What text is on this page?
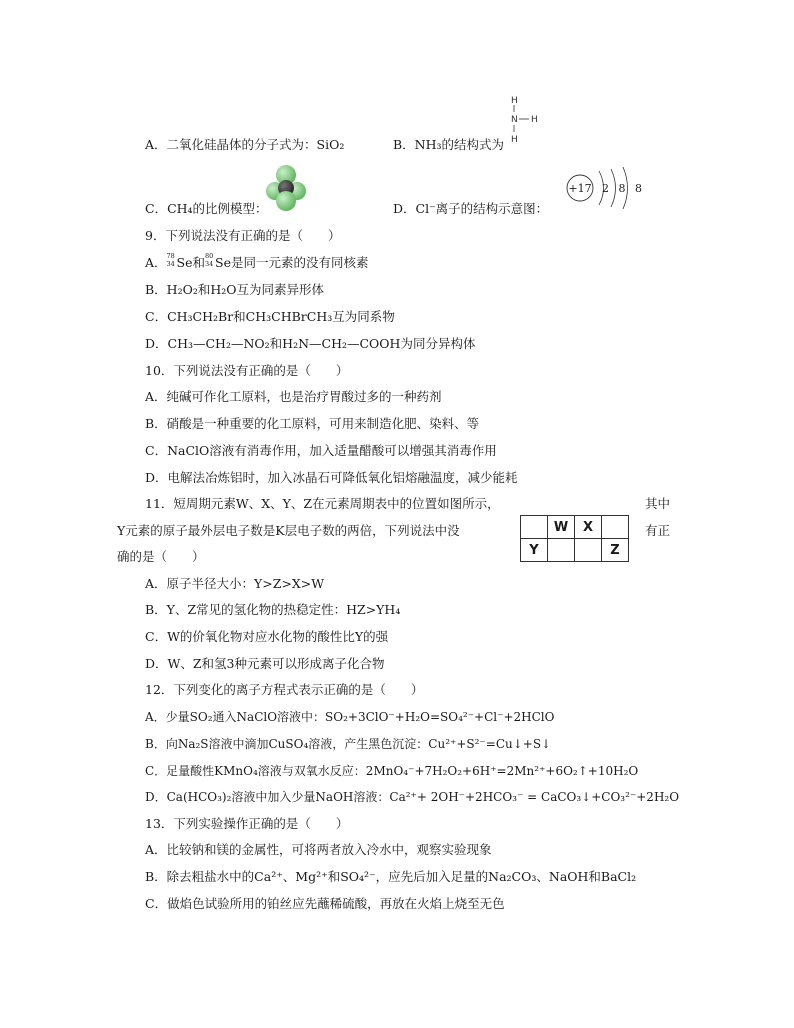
A．二氧化硅晶体的分子式为：SiO₂	B．NH₃的结构式为
H
N H
H
C．CH₄的比例模型：	D．Cl⁻离子的结构示意图：
+17 2 8 8
9．下列说法没有正确的是（　　）
A． 78
34 Se和 80
34 Se是同一元素的没有同核素
B．H₂O₂和H₂O互为同素异形体
C．CH₃CH₂Br和CH₃CHBrCH₃互为同系物
D．CH₃—CH₂—NO₂和H₂N—CH₂—COOH为同分异构体
10．下列说法没有正确的是（　　）
A．纯碱可作化工原料，也是治疗胃酸过多的一种药剂
B．硝酸是一种重要的化工原料，可用来制造化肥、染料、等
C．NaClO溶液有消毒作用，加入适量醋酸可以增强其消毒作用
D．电解法冶炼铝时，加入冰晶石可降低氧化铝熔融温度，减少能耗
11．短周期元素W、X、Y、Z在元素周期表中的位置如图所示，	其中
Y元素的原子最外层电子数是K层电子数的两倍，下列说法中没	有正
确的是（　　）
	W	X	
Y			Z
A．原子半径大小：Y>Z>X>W
B．Y、Z常见的氢化物的热稳定性：HZ>YH₄
C．W的价氧化物对应水化物的酸性比Y的强
D．W、Z和氢3种元素可以形成离子化合物
12．下列变化的离子方程式表示正确的是（　　）
A．少量SO₂通入NaClO溶液中：SO₂+3ClO⁻+H₂O=SO₄²⁻+Cl⁻+2HClO
B．向Na₂S溶液中滴加CuSO₄溶液，产生黑色沉淀：Cu²⁺+S²⁻=Cu↓+S↓
C．足量酸性KMnO₄溶液与双氧水反应：2MnO₄⁻+7H₂O₂+6H⁺=2Mn²⁺+6O₂↑+10H₂O
D．Ca(HCO₃)₂溶液中加入少量NaOH溶液：Ca²⁺+ 2OH⁻+2HCO₃⁻ = CaCO₃↓+CO₃²⁻+2H₂O
13．下列实验操作正确的是（　　）
A．比较钠和镁的金属性，可将两者放入冷水中，观察实验现象
B．除去粗盐水中的Ca²⁺、Mg²⁺和SO₄²⁻，应先后加入足量的Na₂CO₃、NaOH和BaCl₂
C．做焰色试验所用的铂丝应先蘸稀硫酸，再放在火焰上烧至无色
